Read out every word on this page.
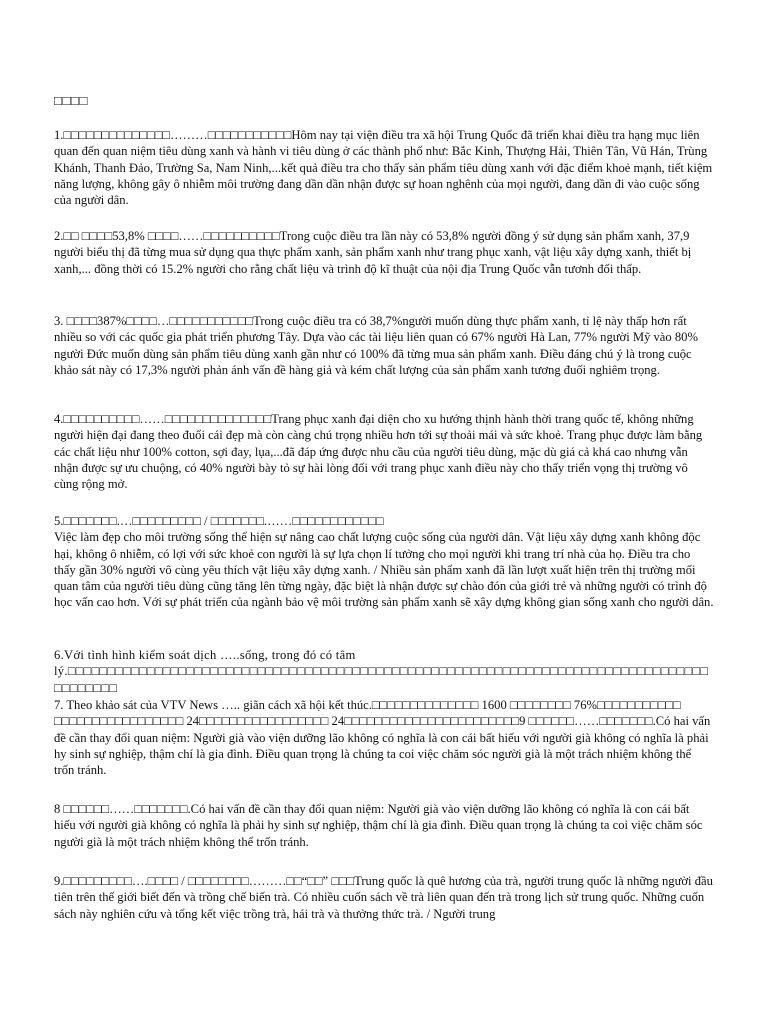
□□□□

1.□□□□□□□□□□□□□□………□□□□□□□□□□□Hôm nay tại viện điều tra xã hội Trung Quốc đã triển khai điều tra hạng mục liên quan đến quan niệm tiêu dùng xanh và hành vi tiêu dùng ở các thành phố như: Bắc Kinh, Thượng Hải, Thiên Tân, Vũ Hán, Trùng Khánh, Thanh Đảo, Trường Sa, Nam Ninh,...kết quả điều tra cho thấy sản phẩm tiêu dùng xanh với đặc điểm khoẻ mạnh, tiết kiệm năng lượng, không gây ô nhiễm môi trường đang dần dần nhận được sự hoan nghênh của mọi người, đang dần đi vào cuộc sống của người dân.

2.□□ □□□□53,8% □□□□……□□□□□□□□□□Trong cuộc điều tra lần này có 53,8% người đồng ý sử dụng sản phẩm xanh, 37,9 người biểu thị đã từng mua sử dụng qua thực phẩm xanh, sản phẩm xanh như trang phục xanh, vật liệu xây dựng xanh, thiết bị xanh,... đồng thời có 15.2% người cho rằng chất liệu và trình độ kĩ thuật của nội địa Trung Quốc vẫn tươnh đối thấp.

3. □□□□387%□□□□…□□□□□□□□□□□Trong cuộc điều tra có 38,7%người muốn dùng thực phẩm xanh, tỉ lệ này thấp hơn rất nhiều so với các quốc gia phát triển phương Tây. Dựa vào các tài liệu liên quan có 67% người Hà Lan, 77% người Mỹ vào 80% người Đức muốn dùng sản phẩm tiêu dùng xanh gần như có 100% đã từng mua sản phẩm xanh. Điều đáng chú ý là trong cuộc khảo sát này có 17,3% người phản ánh vấn đề hàng giả và kém chất lượng của sản phẩm xanh tương đuối nghiêm trọng.

4.□□□□□□□□□□……□□□□□□□□□□□□□□Trang phục xanh đại diện cho xu hướng thịnh hành thời trang quốc tế, không những người hiện đại đang theo đuổi cái đẹp mà còn càng chú trọng nhiều hơn tới sự thoải mái và sức khoẻ. Trang phục được làm bằng các chất liệu như 100% cotton, sợi đay, lụa,...đã đáp ứng được nhu cầu của người tiêu dùng, mặc dù giá cả khá cao nhưng vẫn nhận được sự ưu chuộng, có 40% người bày tỏ sự hài lòng đối với trang phục xanh điều này cho thấy triển vọng thị trường vô cùng rộng mở.

5.□□□□□□□.…□□□□□□□□□ / □□□□□□□.……□□□□□□□□□□□□
Việc làm đẹp cho môi trường sống thể hiện sự nâng cao chất lượng cuộc sống của người dân. Vật liệu xây dựng xanh không độc hại, không ô nhiễm, có lợi với sức khoẻ con người là sự lựa chọn lí tưởng cho mọi người khi trang trí nhà của họ. Điều tra cho thấy gần 30% người vô cùng yêu thích vật liệu xây dựng xanh. / Nhiều sản phẩm xanh đã lần lượt xuất hiện trên thị trường mối quan tâm của người tiêu dùng cũng tăng lên từng ngày, đặc biệt là nhận được sự chào đón của giới trẻ và những người có trình độ học vấn cao hơn. Với sự phát triển của ngành bảo vệ môi trường sản phẩm xanh sẽ xây dựng không gian sống xanh cho người dân.

6.Với tình hình kiểm soát dịch …..sống, trong đó có tâm lý.□□□□□□□□□□□□□□□□□□□□□□□□□□□□□□□□□□□□□□□□□□□□□□□□□□□□□□□□□□□□□□□□□□□□□□□□□□□□□□□□□□□□□□□□□

7. Theo khảo sát của VTV News ….. giãn cách xã hội kết thúc.□□□□□□□□□□□□□□ 1600 □□□□□□□□ 76%□□□□□□□□□□□ □□□□□□□□□□□□□□□□□ 24□□□□□□□□□□□□□□□□□ 24□□□□□□□□□□□□□□□□□□□□□□□9 □□□□□□……□□□□□□□.Có hai vấn đề cần thay đổi quan niệm: Người già vào viện dưỡng lão không có nghĩa là con cái bất hiếu với người già không có nghĩa là phải hy sinh sự nghiệp, thậm chí là gia đình. Điều quan trọng là chúng ta coi việc chăm sóc người già là một trách nhiệm không thể trốn tránh.

8 □□□□□□……□□□□□□□.Có hai vấn đề cần thay đổi quan niệm: Người già vào viện dưỡng lão không có nghĩa là con cái bất hiếu với người già không có nghĩa là phải hy sinh sự nghiệp, thậm chí là gia đình. Điều quan trọng là chúng ta coi việc chăm sóc người già là một trách nhiệm không thể trốn tránh.

9.□□□□□□□□□….□□□□ / □□□□□□□□………□□“□□” □□□Trung quốc là quê hương của trà, người trung quốc là những người đầu tiên trên thế giới biết đến và trồng chế biến trà. Có nhiều cuốn sách về trà liên quan đến trà trong lịch sử trung quốc. Những cuốn sách này nghiên cứu và tổng kết việc trồng trà, hái trà và thưởng thức trà. / Người trung
